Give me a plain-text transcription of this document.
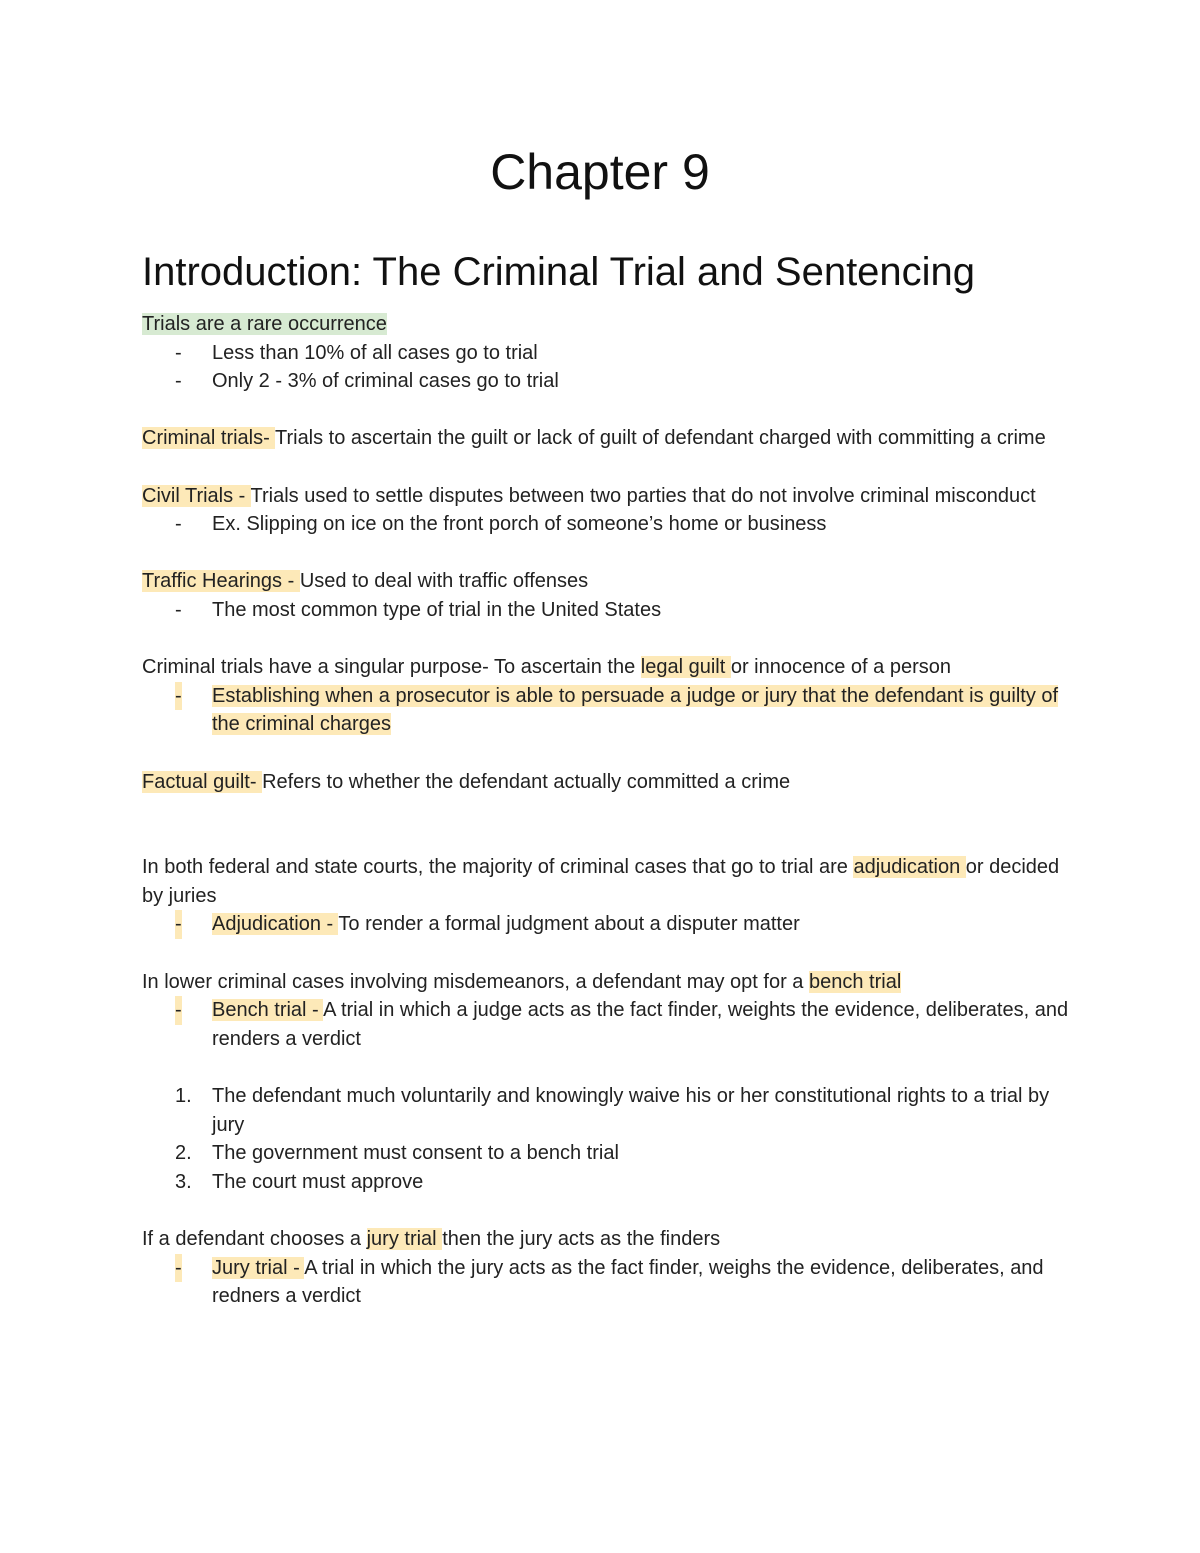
Chapter 9
Introduction: The Criminal Trial and Sentencing

Trials are a rare occurrence

- Less than 10% of all cases go to trial
- Only 2 - 3% of criminal cases go to trial

Criminal trials- Trials to ascertain the guilt or lack of guilt of defendant charged with committing a crime

Civil Trials - Trials used to settle disputes between two parties that do not involve criminal misconduct

- Ex. Slipping on ice on the front porch of someone’s home or business

Traffic Hearings - Used to deal with traffic offenses

- The most common type of trial in the United States

Criminal trials have a singular purpose- To ascertain the legal guilt or innocence of a person

- Establishing when a prosecutor is able to persuade a judge or jury that the defendant is guilty of the criminal charges

Factual guilt- Refers to whether the defendant actually committed a crime

In both federal and state courts, the majority of criminal cases that go to trial are adjudication or decided by juries

- Adjudication - To render a formal judgment about a disputer matter

In lower criminal cases involving misdemeanors, a defendant may opt for a bench trial

- Bench trial - A trial in which a judge acts as the fact finder, weights the evidence, deliberates, and renders a verdict
1. The defendant much voluntarily and knowingly waive his or her constitutional rights to a trial by jury
2. The government must consent to a bench trial
3. The court must approve

If a defendant chooses a jury trial then the jury acts as the finders

- Jury trial - A trial in which the jury acts as the fact finder, weighs the evidence, deliberates, and redners a verdict
